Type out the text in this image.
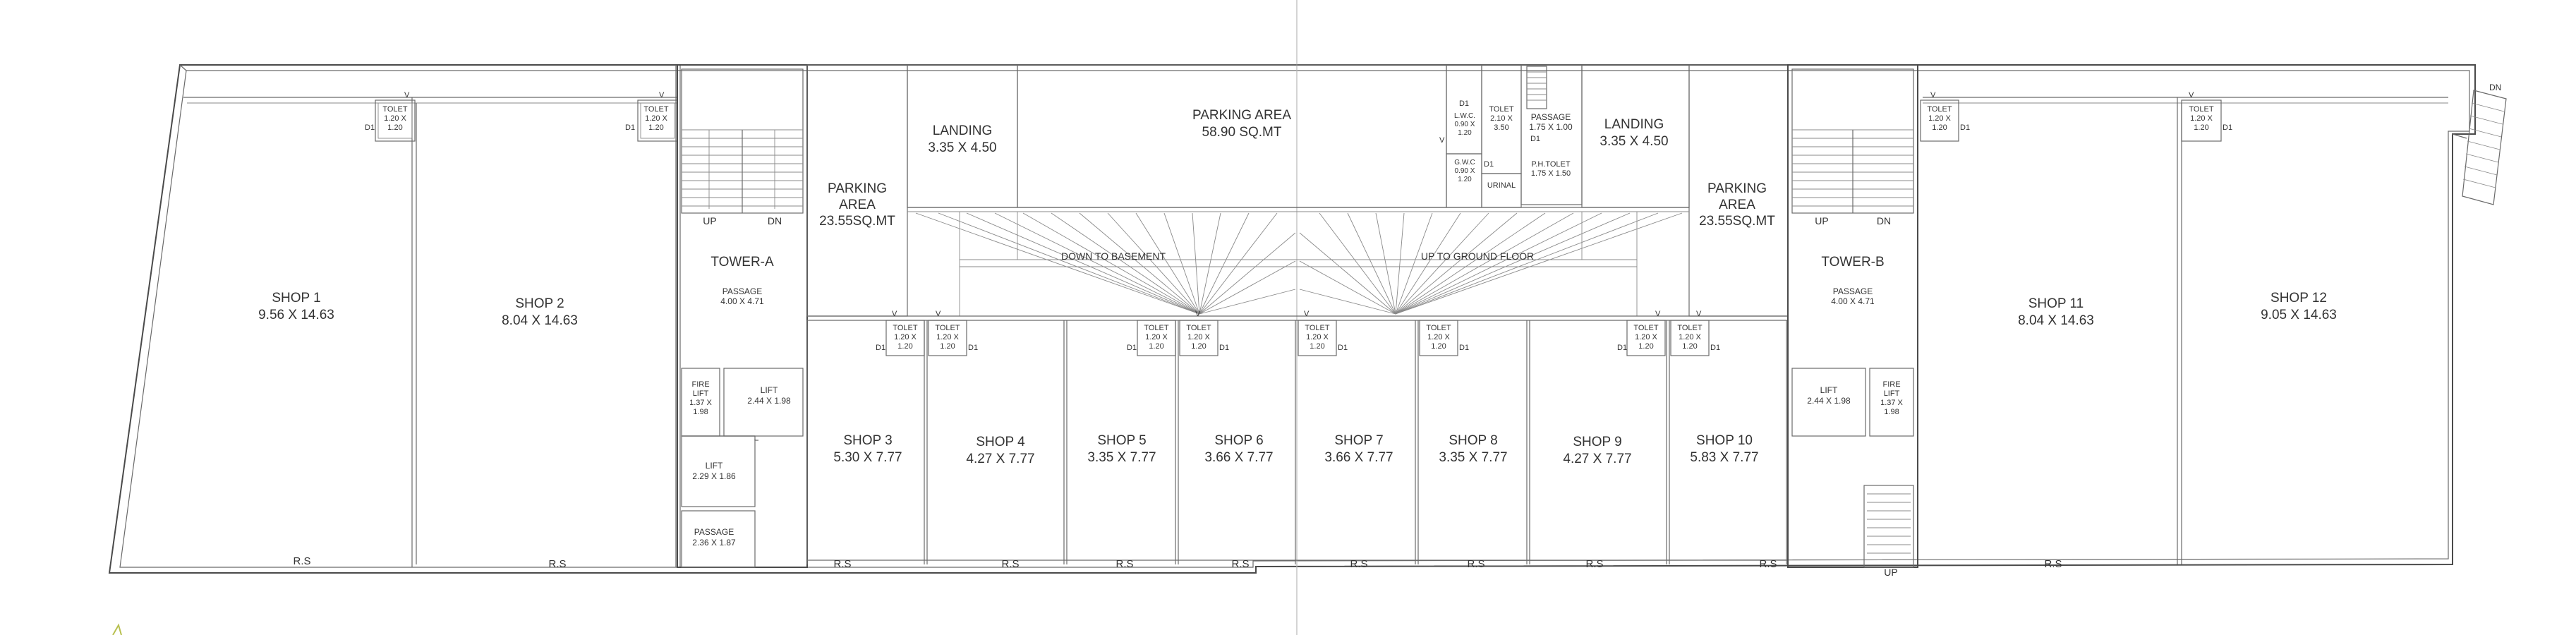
TOLET
1.20 X
1.20
D1
V
TOLET
1.20 X
1.20
D1
V
SHOP 1
9.56 X 14.63
SHOP 2
8.04 X 14.63
R.S	R.S
UP	DN
TOWER-A
PASSAGE
4.00 X 4.71
FIRE
LIFT
1.37 X
1.98
LIFT
2.44 X 1.98
LIFT
2.29 X 1.86
PASSAGE
2.36 X 1.87
PARKING
AREA
23.55SQ.MT
LANDING
3.35 X 4.50
PARKING AREA
58.90 SQ.MT
D1
L.W.C.
0.90 X
1.20
V
TOLET
2.10 X
3.50
PASSAGE
1.75 X 1.00
D1
G.W.C
0.90 X
1.20
D1
URINAL
P.H.TOLET
1.75 X 1.50
LANDING
3.35 X 4.50
PARKING
AREA
23.55SQ.MT
DOWN TO BASEMENT	UP TO GROUND FLOOR
TOLET
1.20 X
1.20
TOLET
1.20 X
1.20
D1	D1
V	V
TOLET
1.20 X
1.20
TOLET
1.20 X
1.20
D1	D1
V
TOLET
1.20 X
1.20 D1
V
TOLET
1.20 X
1.20 D1
TOLET
1.20 X
1.20
TOLET
1.20 X
1.20
D1	D1
V	V
SHOP 3
5.30 X 7.77
SHOP 4
4.27 X 7.77
SHOP 5
3.35 X 7.77
SHOP 6
3.66 X 7.77
SHOP 7
3.66 X 7.77
SHOP 8
3.35 X 7.77
SHOP 9
4.27 X 7.77
SHOP 10
5.83 X 7.77
R.S	R.S	R.S	R.S	R.S	R.S	R.S	R.S
UP	DN
TOWER-B
PASSAGE
4.00 X 4.71
LIFT
2.44 X 1.98
FIRE
LIFT
1.37 X
1.98
UP
TOLET
1.20 X
1.20 D1
V
TOLET
1.20 X
1.20 D1
V
SHOP 11
8.04 X 14.63
SHOP 12
9.05 X 14.63
R.S
DN
